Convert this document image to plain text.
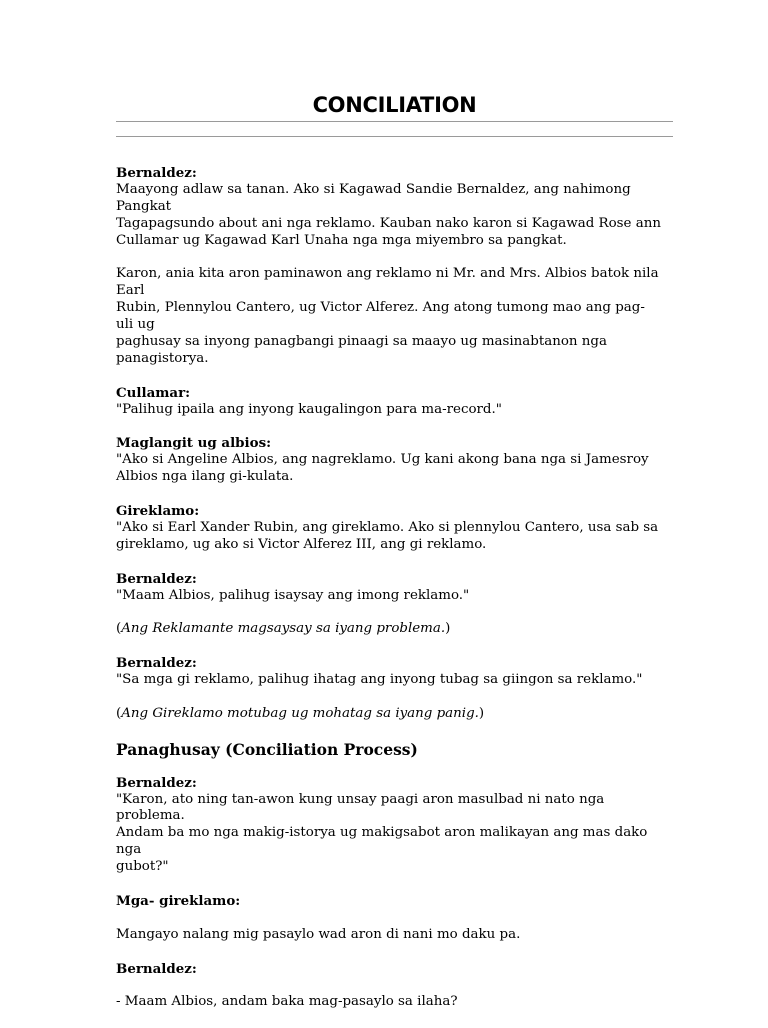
CONCILIATION
Bernaldez:
Maayong adlaw sa tanan. Ako si Kagawad Sandie Bernaldez, ang nahimong Pangkat
Tagapagsundo about ani nga reklamo. Kauban nako karon si Kagawad Rose ann
Cullamar ug Kagawad Karl Unaha nga mga miyembro sa pangkat.
Karon, ania kita aron paminawon ang reklamo ni Mr. and Mrs. Albios batok nila Earl
Rubin, Plennylou Cantero, ug Victor Alferez. Ang atong tumong mao ang pag-uli ug
paghusay sa inyong panagbangi pinaagi sa maayo ug masinabtanon nga panagistorya.
Cullamar:
"Palihug ipaila ang inyong kaugalingon para ma-record."
Maglangit ug albios:
"Ako si Angeline Albios, ang nagreklamo. Ug kani akong bana nga si Jamesroy
Albios nga ilang gi-kulata.
Gireklamo:
"Ako si Earl Xander Rubin, ang gireklamo. Ako si plennylou Cantero, usa sab sa
gireklamo, ug ako si Victor Alferez III, ang gi reklamo.
Bernaldez:
"Maam Albios, palihug isaysay ang imong reklamo."
(Ang Reklamante magsaysay sa iyang problema.)
Bernaldez:
"Sa mga gi reklamo, palihug ihatag ang inyong tubag sa giingon sa reklamo."
(Ang Gireklamo motubag ug mohatag sa iyang panig.)
Panaghusay (Conciliation Process)
Bernaldez:
"Karon, ato ning tan-awon kung unsay paagi aron masulbad ni nato nga problema.
Andam ba mo nga makig-istorya ug makigsabot aron malikayan ang mas dako nga
gubot?"
Mga- gireklamo:
Mangayo nalang mig pasaylo wad aron di nani mo daku pa.
Bernaldez:
- Maam Albios, andam baka mag-pasaylo sa ilaha?
